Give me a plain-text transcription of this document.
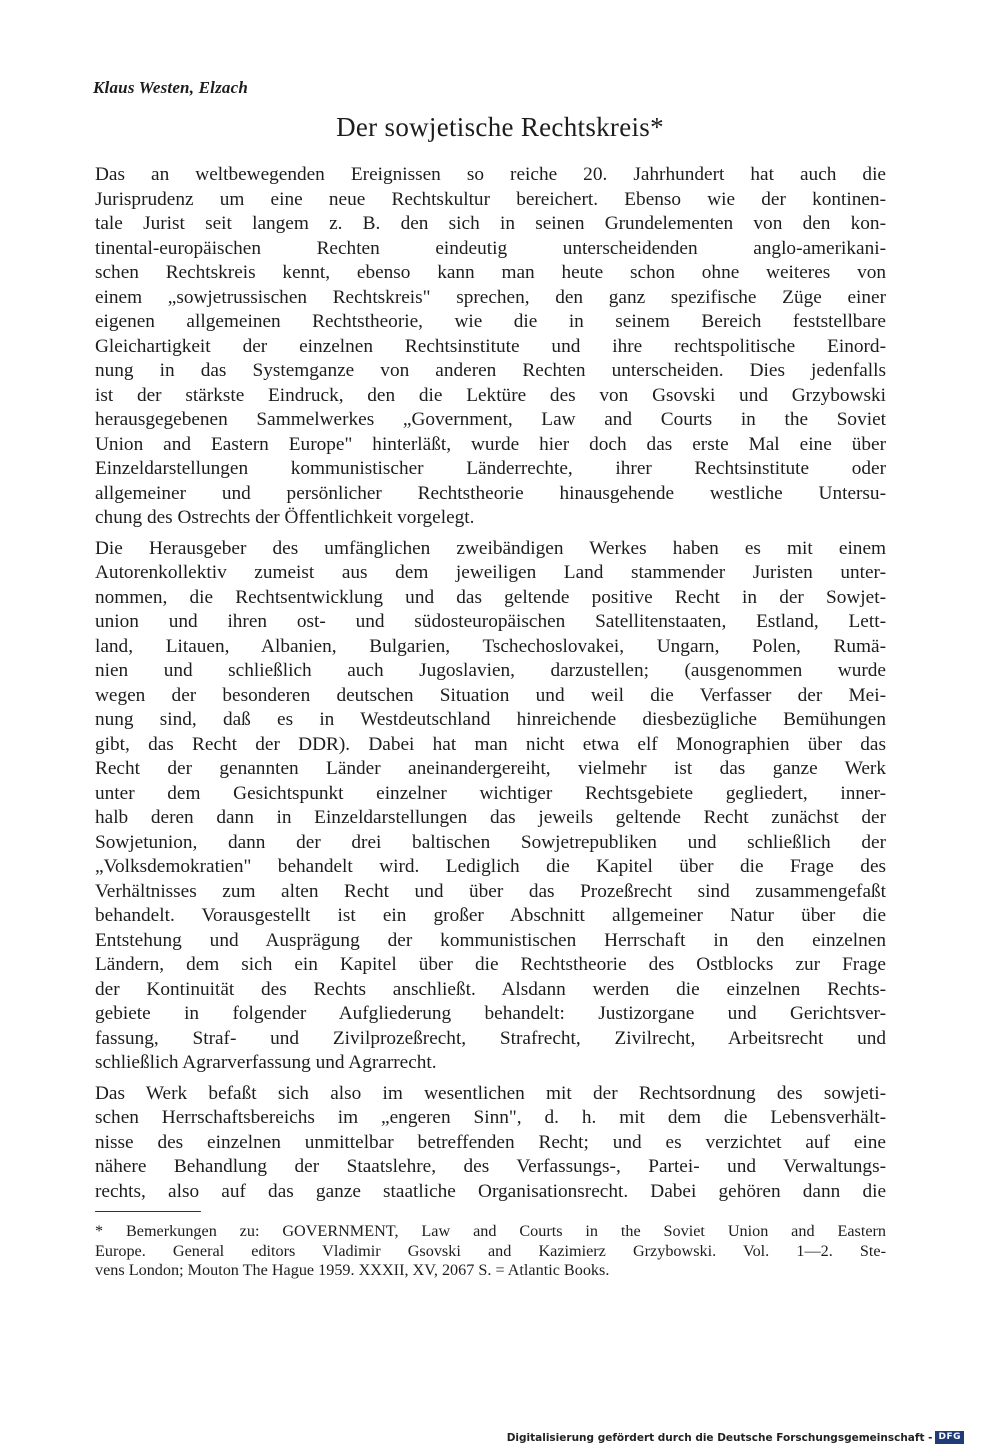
Klaus Westen, Elzach
Der sowjetische Rechtskreis*
Das an weltbewegenden Ereignissen so reiche 20. Jahrhundert hat auch die
Jurisprudenz um eine neue Rechtskultur bereichert. Ebenso wie der kontinen-
tale Jurist seit langem z. B. den sich in seinen Grundelementen von den kon-
tinental-europäischen Rechten eindeutig unterscheidenden anglo-amerikani-
schen Rechtskreis kennt, ebenso kann man heute schon ohne weiteres von
einem „sowjetrussischen Rechtskreis" sprechen, den ganz spezifische Züge einer
eigenen allgemeinen Rechtstheorie, wie die in seinem Bereich feststellbare
Gleichartigkeit der einzelnen Rechtsinstitute und ihre rechtspolitische Einord-
nung in das Systemganze von anderen Rechten unterscheiden. Dies jedenfalls
ist der stärkste Eindruck, den die Lektüre des von Gsovski und Grzybowski
herausgegebenen Sammelwerkes „Government, Law and Courts in the Soviet
Union and Eastern Europe" hinterläßt, wurde hier doch das erste Mal eine über
Einzeldarstellungen kommunistischer Länderrechte, ihrer Rechtsinstitute oder
allgemeiner und persönlicher Rechtstheorie hinausgehende westliche Untersu-
chung des Ostrechts der Öffentlichkeit vorgelegt.
Die Herausgeber des umfänglichen zweibändigen Werkes haben es mit einem
Autorenkollektiv zumeist aus dem jeweiligen Land stammender Juristen unter-
nommen, die Rechtsentwicklung und das geltende positive Recht in der Sowjet-
union und ihren ost- und südosteuropäischen Satellitenstaaten, Estland, Lett-
land, Litauen, Albanien, Bulgarien, Tschechoslovakei, Ungarn, Polen, Rumä-
nien und schließlich auch Jugoslavien, darzustellen; (ausgenommen wurde
wegen der besonderen deutschen Situation und weil die Verfasser der Mei-
nung sind, daß es in Westdeutschland hinreichende diesbezügliche Bemühungen
gibt, das Recht der DDR). Dabei hat man nicht etwa elf Monographien über das
Recht der genannten Länder aneinandergereiht, vielmehr ist das ganze Werk
unter dem Gesichtspunkt einzelner wichtiger Rechtsgebiete gegliedert, inner-
halb deren dann in Einzeldarstellungen das jeweils geltende Recht zunächst der
Sowjetunion, dann der drei baltischen Sowjetrepubliken und schließlich der
„Volksdemokratien" behandelt wird. Lediglich die Kapitel über die Frage des
Verhältnisses zum alten Recht und über das Prozeßrecht sind zusammengefaßt
behandelt. Vorausgestellt ist ein großer Abschnitt allgemeiner Natur über die
Entstehung und Ausprägung der kommunistischen Herrschaft in den einzelnen
Ländern, dem sich ein Kapitel über die Rechtstheorie des Ostblocks zur Frage
der Kontinuität des Rechts anschließt. Alsdann werden die einzelnen Rechts-
gebiete in folgender Aufgliederung behandelt: Justizorgane und Gerichtsver-
fassung, Straf- und Zivilprozeßrecht, Strafrecht, Zivilrecht, Arbeitsrecht und
schließlich Agrarverfassung und Agrarrecht.
Das Werk befaßt sich also im wesentlichen mit der Rechtsordnung des sowjeti-
schen Herrschaftsbereichs im „engeren Sinn", d. h. mit dem die Lebensverhält-
nisse des einzelnen unmittelbar betreffenden Recht; und es verzichtet auf eine
nähere Behandlung der Staatslehre, des Verfassungs-, Partei- und Verwaltungs-
rechts, also auf das ganze staatliche Organisationsrecht. Dabei gehören dann die
* Bemerkungen zu: GOVERNMENT, Law and Courts in the Soviet Union and Eastern
Europe. General editors Vladimir Gsovski and Kazimierz Grzybowski. Vol. 1—2. Ste-
vens London; Mouton The Hague 1959. XXXII, XV, 2067 S. = Atlantic Books.
Digitalisierung gefördert durch die Deutsche Forschungsgemeinschaft - DFG
